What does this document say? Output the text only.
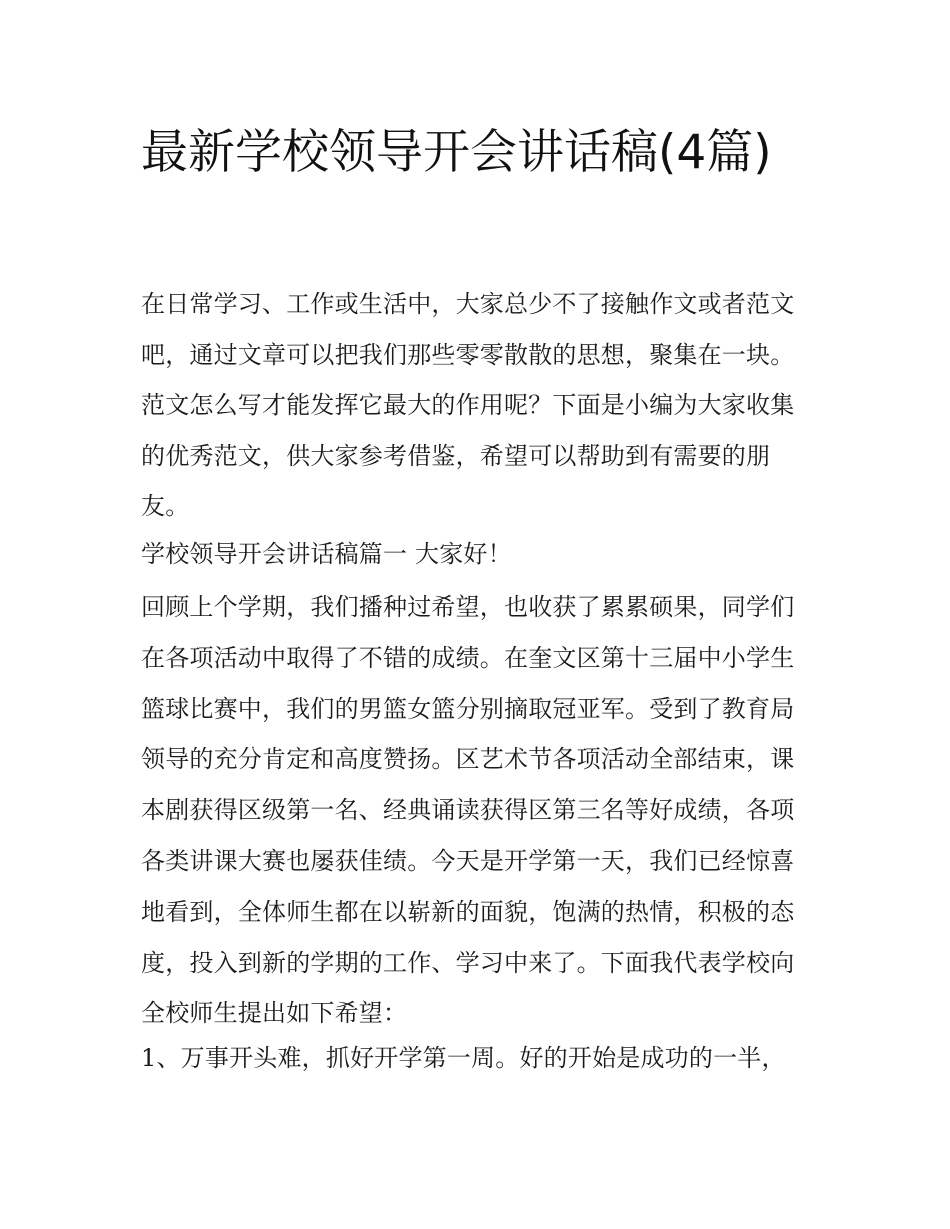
最新学校领导开会讲话稿(4篇)

在日常学习、工作或生活中，大家总少不了接触作文或者范文吧，通过文章可以把我们那些零零散散的思想，聚集在一块。范文怎么写才能发挥它最大的作用呢？下面是小编为大家收集的优秀范文，供大家参考借鉴，希望可以帮助到有需要的朋友。

学校领导开会讲话稿篇一 大家好！

回顾上个学期，我们播种过希望，也收获了累累硕果，同学们在各项活动中取得了不错的成绩。在奎文区第十三届中小学生篮球比赛中，我们的男篮女篮分别摘取冠亚军。受到了教育局领导的充分肯定和高度赞扬。区艺术节各项活动全部结束，课本剧获得区级第一名、经典诵读获得区第三名等好成绩，各项各类讲课大赛也屡获佳绩。今天是开学第一天，我们已经惊喜地看到，全体师生都在以崭新的面貌，饱满的热情，积极的态度，投入到新的学期的工作、学习中来了。下面我代表学校向全校师生提出如下希望：

1、万事开头难，抓好开学第一周。好的开始是成功的一半，
